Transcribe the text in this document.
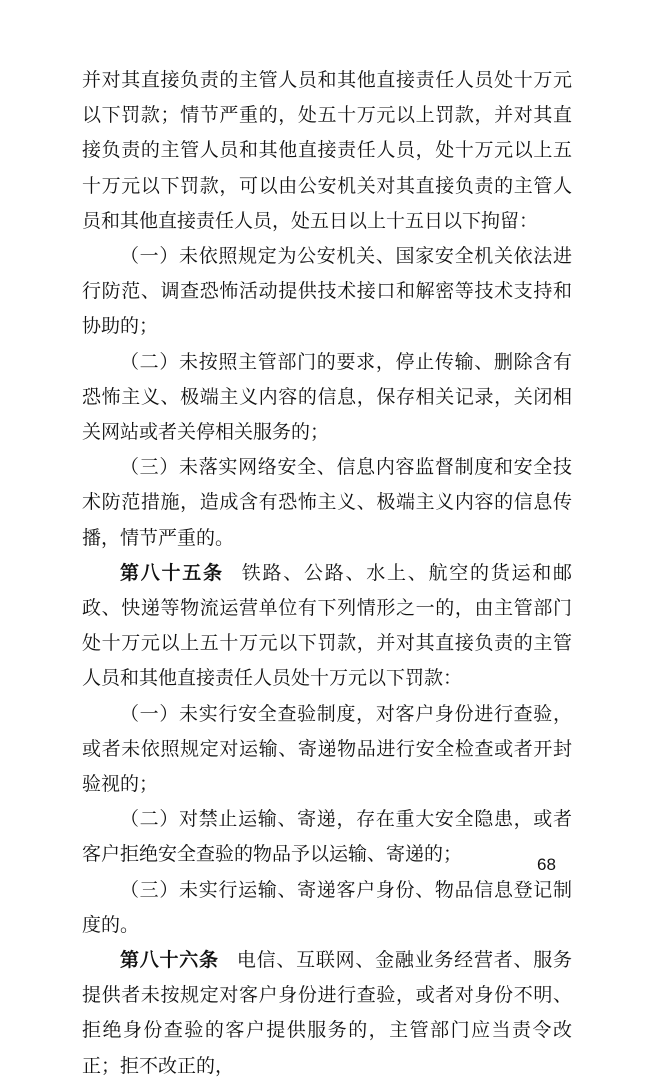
并对其直接负责的主管人员和其他直接责任人员处十万元以下罚款；情节严重的，处五十万元以上罚款，并对其直接负责的主管人员和其他直接责任人员，处十万元以上五十万元以下罚款，可以由公安机关对其直接负责的主管人员和其他直接责任人员，处五日以上十五日以下拘留：

（一）未依照规定为公安机关、国家安全机关依法进行防范、调查恐怖活动提供技术接口和解密等技术支持和协助的；

（二）未按照主管部门的要求，停止传输、删除含有恐怖主义、极端主义内容的信息，保存相关记录，关闭相关网站或者关停相关服务的；

（三）未落实网络安全、信息内容监督制度和安全技术防范措施，造成含有恐怖主义、极端主义内容的信息传播，情节严重的。

第八十五条 铁路、公路、水上、航空的货运和邮政、快递等物流运营单位有下列情形之一的，由主管部门处十万元以上五十万元以下罚款，并对其直接负责的主管人员和其他直接责任人员处十万元以下罚款：

（一）未实行安全查验制度，对客户身份进行查验，或者未依照规定对运输、寄递物品进行安全检查或者开封验视的；

（二）对禁止运输、寄递，存在重大安全隐患，或者客户拒绝安全查验的物品予以运输、寄递的；

（三）未实行运输、寄递客户身份、物品信息登记制度的。

第八十六条 电信、互联网、金融业务经营者、服务提供者未按规定对客户身份进行查验，或者对身份不明、拒绝身份查验的客户提供服务的，主管部门应当责令改正；拒不改正的，

68
